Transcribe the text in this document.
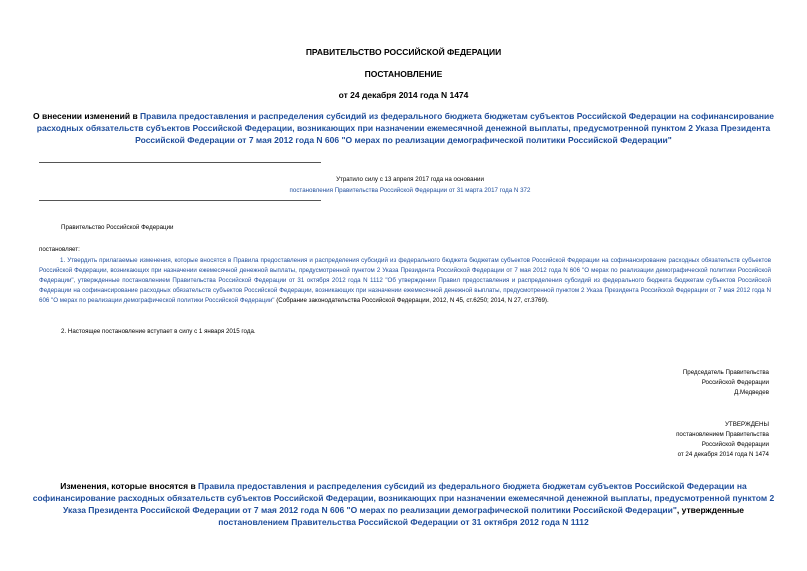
ПРАВИТЕЛЬСТВО РОССИЙСКОЙ ФЕДЕРАЦИИ
ПОСТАНОВЛЕНИЕ
от 24 декабря 2014 года N 1474
О внесении изменений в Правила предоставления и распределения субсидий из федерального бюджета бюджетам субъектов Российской Федерации на софинансирование расходных обязательств субъектов Российской Федерации, возникающих при назначении ежемесячной денежной выплаты, предусмотренной пунктом 2 Указа Президента Российской Федерации от 7 мая 2012 года N 606 "О мерах по реализации демографической политики Российской Федерации"
Утратило силу с 13 апреля 2017 года на основании
постановления Правительства Российской Федерации от 31 марта 2017 года N 372
Правительство Российской Федерации
постановляет:
1. Утвердить прилагаемые изменения, которые вносятся в Правила предоставления и распределения субсидий из федерального бюджета бюджетам субъектов Российской Федерации на софинансирование расходных обязательств субъектов Российской Федерации, возникающих при назначении ежемесячной денежной выплаты, предусмотренной пунктом 2 Указа Президента Российской Федерации от 7 мая 2012 года N 606 "О мерах по реализации демографической политики Российской Федерации", утвержденные постановлением Правительства Российской Федерации от 31 октября 2012 года N 1112 "Об утверждении Правил предоставления и распределения субсидий из федерального бюджета бюджетам субъектов Российской Федерации на софинансирование расходных обязательств субъектов Российской Федерации, возникающих при назначении ежемесячной денежной выплаты, предусмотренной пунктом 2 Указа Президента Российской Федерации от 7 мая 2012 года N 606 "О мерах по реализации демографической политики Российской Федерации" (Собрание законодательства Российской Федерации, 2012, N 45, ст.6250; 2014, N 27, ст.3769).
2. Настоящее постановление вступает в силу с 1 января 2015 года.
Председатель Правительства
Российской Федерации
Д.Медведев
УТВЕРЖДЕНЫ
постановлением Правительства
Российской Федерации
от 24 декабря 2014 года N 1474
Изменения, которые вносятся в Правила предоставления и распределения субсидий из федерального бюджета бюджетам субъектов Российской Федерации на софинансирование расходных обязательств субъектов Российской Федерации, возникающих при назначении ежемесячной денежной выплаты, предусмотренной пунктом 2 Указа Президента Российской Федерации от 7 мая 2012 года N 606 "О мерах по реализации демографической политики Российской Федерации", утвержденные постановлением Правительства Российской Федерации от 31 октября 2012 года N 1112
